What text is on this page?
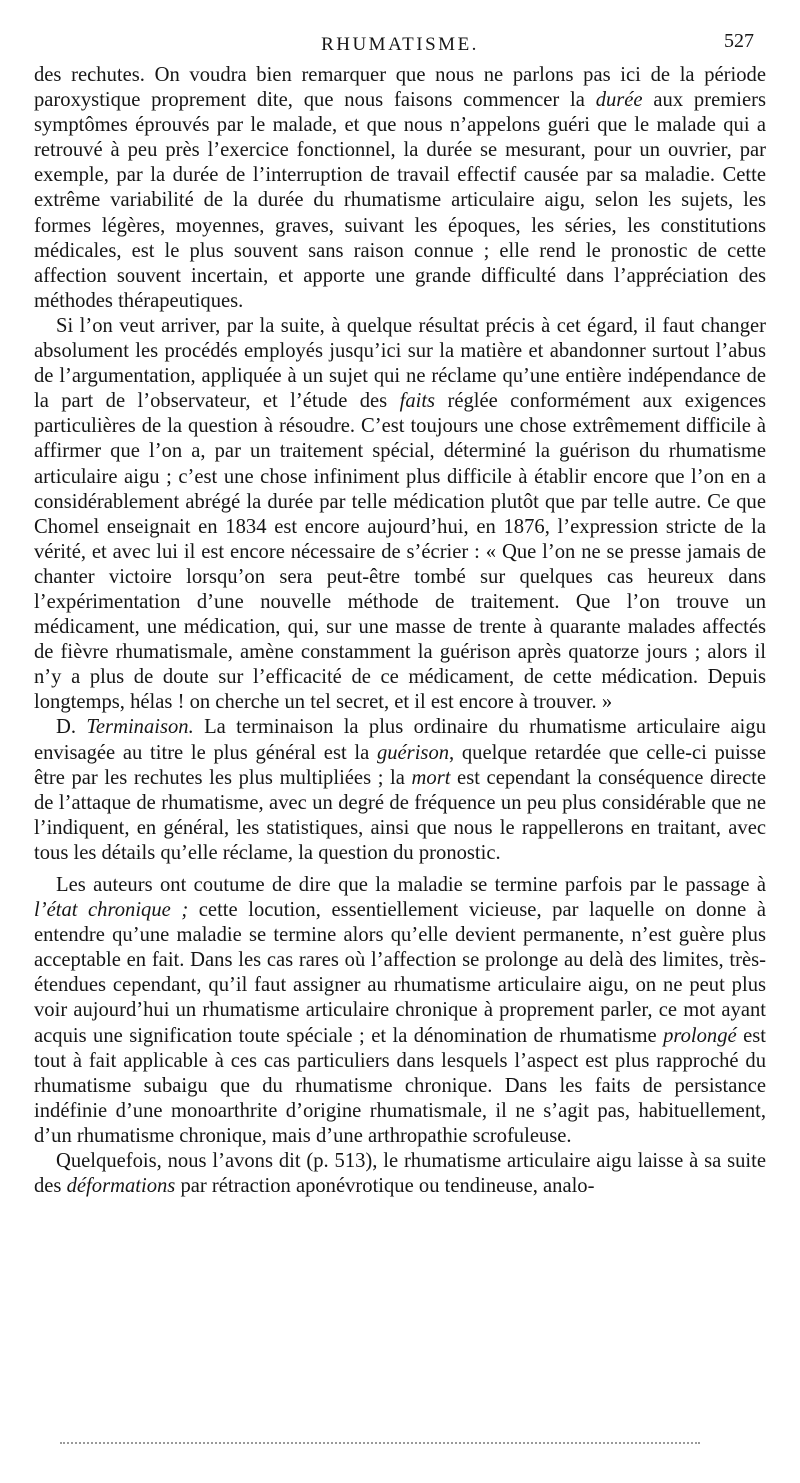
RHUMATISME.	527

des rechutes. On voudra bien remarquer que nous ne parlons pas ici de la période paroxystique proprement dite, que nous faisons commencer la durée aux premiers symptômes éprouvés par le malade, et que nous n’appelons guéri que le malade qui a retrouvé à peu près l’exercice fonctionnel, la durée se mesurant, pour un ouvrier, par exemple, par la durée de l’interruption de travail effectif causée par sa maladie. Cette extrême variabilité de la durée du rhumatisme articulaire aigu, selon les sujets, les formes légères, moyennes, graves, suivant les époques, les séries, les constitutions médicales, est le plus souvent sans raison connue ; elle rend le pronostic de cette affection souvent incertain, et apporte une grande difficulté dans l’appréciation des méthodes thérapeutiques.

Si l’on veut arriver, par la suite, à quelque résultat précis à cet égard, il faut changer absolument les procédés employés jusqu’ici sur la matière et abandonner surtout l’abus de l’argumentation, appliquée à un sujet qui ne réclame qu’une entière indépendance de la part de l’observateur, et l’étude des faits réglée conformément aux exigences particulières de la question à résoudre. C’est toujours une chose extrêmement difficile à affirmer que l’on a, par un traitement spécial, déterminé la guérison du rhumatisme articulaire aigu ; c’est une chose infiniment plus difficile à établir encore que l’on en a considérablement abrégé la durée par telle médication plutôt que par telle autre. Ce que Chomel enseignait en 1834 est encore aujourd’hui, en 1876, l’expression stricte de la vérité, et avec lui il est encore nécessaire de s’écrier : « Que l’on ne se presse jamais de chanter victoire lorsqu’on sera peut-être tombé sur quelques cas heureux dans l’expérimentation d’une nouvelle méthode de traitement. Que l’on trouve un médicament, une médication, qui, sur une masse de trente à quarante malades affectés de fièvre rhumatismale, amène constamment la guérison après quatorze jours ; alors il n’y a plus de doute sur l’efficacité de ce médicament, de cette médication. Depuis longtemps, hélas ! on cherche un tel secret, et il est encore à trouver. »

D. Terminaison. La terminaison la plus ordinaire du rhumatisme articulaire aigu envisagée au titre le plus général est la guérison, quelque retardée que celle-ci puisse être par les rechutes les plus multipliées ; la mort est cependant la conséquence directe de l’attaque de rhumatisme, avec un degré de fréquence un peu plus considérable que ne l’indiquent, en général, les statistiques, ainsi que nous le rappellerons en traitant, avec tous les détails qu’elle réclame, la question du pronostic.

Les auteurs ont coutume de dire que la maladie se termine parfois par le passage à l’état chronique ; cette locution, essentiellement vicieuse, par laquelle on donne à entendre qu’une maladie se termine alors qu’elle devient permanente, n’est guère plus acceptable en fait. Dans les cas rares où l’affection se prolonge au delà des limites, très-étendues cependant, qu’il faut assigner au rhumatisme articulaire aigu, on ne peut plus voir aujourd’hui un rhumatisme articulaire chronique à proprement parler, ce mot ayant acquis une signification toute spéciale ; et la dénomination de rhumatisme prolongé est tout à fait applicable à ces cas particuliers dans lesquels l’aspect est plus rapproché du rhumatisme subaigu que du rhumatisme chronique. Dans les faits de persistance indéfinie d’une monoarthrite d’origine rhumatismale, il ne s’agit pas, habituellement, d’un rhumatisme chronique, mais d’une arthropathie scrofuleuse.

Quelquefois, nous l’avons dit (p. 513), le rhumatisme articulaire aigu laisse à sa suite des déformations par rétraction aponévrotique ou tendineuse, analo-
